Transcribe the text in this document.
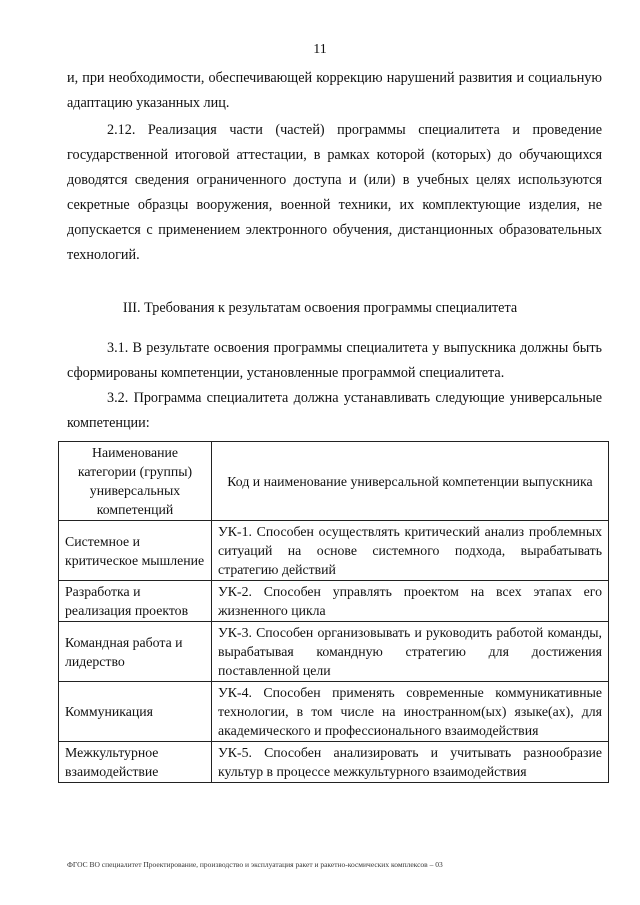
11

и, при необходимости, обеспечивающей коррекцию нарушений развития и социальную адаптацию указанных лиц.

2.12. Реализация части (частей) программы специалитета и проведение государственной итоговой аттестации, в рамках которой (которых) до обучающихся доводятся сведения ограниченного доступа и (или) в учебных целях используются секретные образцы вооружения, военной техники, их комплектующие изделия, не допускается с применением электронного обучения, дистанционных образовательных технологий.

III. Требования к результатам освоения программы специалитета

3.1. В результате освоения программы специалитета у выпускника должны быть сформированы компетенции, установленные программой специалитета.

3.2. Программа специалитета должна устанавливать следующие универсальные компетенции:

Наименование категории (группы) универсальных компетенций	Код и наименование универсальной компетенции выпускника
Системное и критическое мышление	УК-1. Способен осуществлять критический анализ проблемных ситуаций на основе системного подхода, вырабатывать стратегию действий
Разработка и реализация проектов	УК-2. Способен управлять проектом на всех этапах его жизненного цикла
Командная работа и лидерство	УК-3. Способен организовывать и руководить работой команды, вырабатывая командную стратегию для достижения поставленной цели
Коммуникация	УК-4. Способен применять современные коммуникативные технологии, в том числе на иностранном(ых) языке(ах), для академического и профессионального взаимодействия
Межкультурное взаимодействие	УК-5. Способен анализировать и учитывать разнообразие культур в процессе межкультурного взаимодействия
ФГОС ВО специалитет Проектирование, производство и эксплуатация ракет и ракетно-космических комплексов – 03
